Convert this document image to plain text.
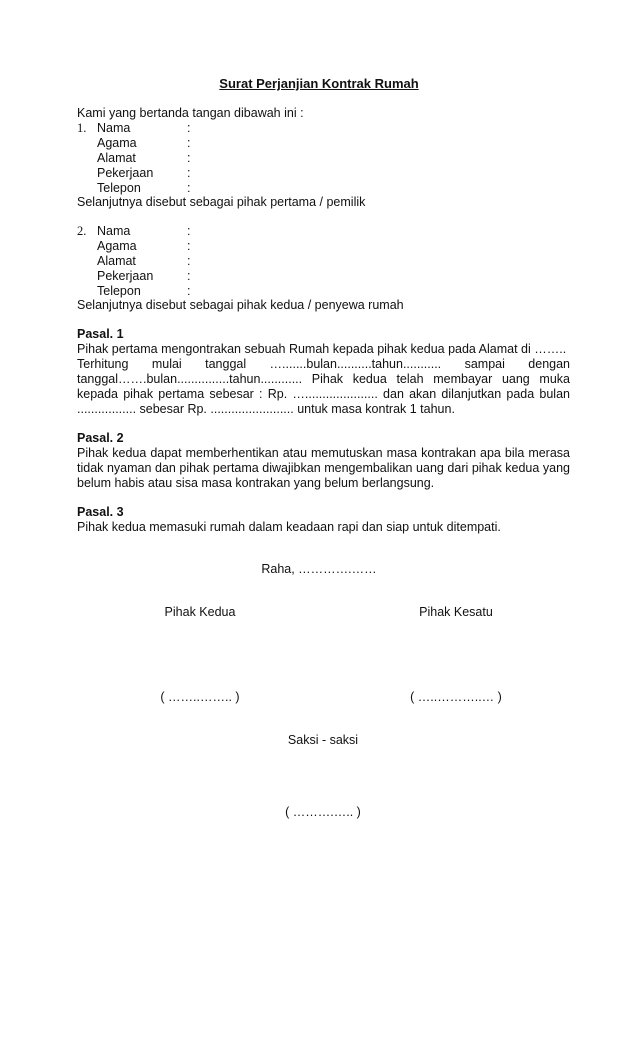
Surat Perjanjian Kontrak Rumah
Kami yang bertanda tangan dibawah ini :
1. Nama	:
Agama	:
Alamat	:
Pekerjaan	:
Telepon	:
Selanjutnya disebut sebagai pihak pertama / pemilik
2. Nama	:
Agama	:
Alamat	:
Pekerjaan	:
Telepon	:
Selanjutnya disebut sebagai pihak kedua / penyewa rumah
Pasal. 1
Pihak pertama mengontrakan sebuah Rumah kepada pihak kedua pada Alamat di ……..
Terhitung mulai tanggal ….......bulan..........tahun........... sampai dengan
tanggal…….bulan...............tahun............ Pihak kedua telah membayar uang muka
kepada pihak pertama sebesar : Rp. …..................... dan akan dilanjutkan pada bulan
................. sebesar Rp. ........................ untuk masa kontrak 1 tahun.
Pasal. 2
Pihak kedua dapat memberhentikan atau memutuskan masa kontrakan apa bila merasa
tidak nyaman dan pihak pertama diwajibkan mengembalikan uang dari pihak kedua yang
belum habis atau sisa masa kontrakan yang belum berlangsung.
Pasal. 3
Pihak kedua memasuki rumah dalam keadaan rapi dan siap untuk ditempati.
Raha, ………….……
Pihak Kedua	Pihak Kesatu
( ……..…….. )	( …..………..… )
Saksi - saksi
( ……….….. )
